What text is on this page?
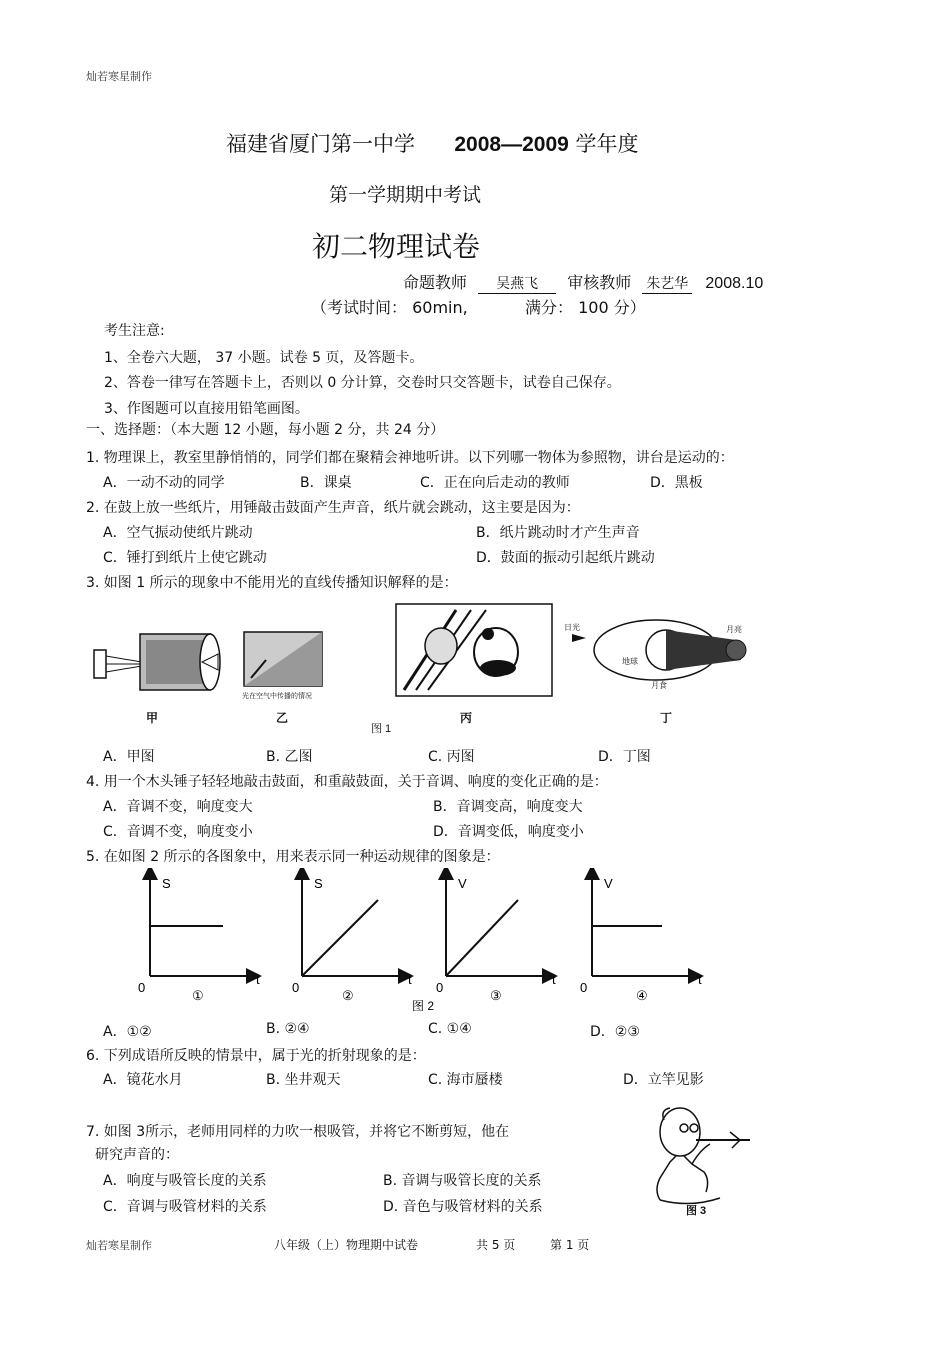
灿若寒星制作
福建省厦门第一中学 2008—2009 学年度
第一学期期中考试
初二物理试卷
命题教师 吴燕飞 审核教师 朱艺华 2008.10
（考试时间： 60min,	满分： 100 分）
考生注意:
1、全卷六大题， 37 小题。试卷 5 页，及答题卡。
2、答卷一律写在答题卡上，否则以 0 分计算，交卷时只交答题卡，试卷自己保存。
3、作图题可以直接用铅笔画图。
一、选择题：（本大题 12 小题，每小题 2 分，共 24 分）
1. 物理课上，教室里静悄悄的，同学们都在聚精会神地听讲。以下列哪一物体为参照物，讲台是运动的：
A．一动不动的同学	B．课桌	C．正在向后走动的教师	D．黑板
2. 在鼓上放一些纸片，用锤敲击鼓面产生声音，纸片就会跳动，这主要是因为：
A．空气振动使纸片跳动	B．纸片跳动时才产生声音
C．锤打到纸片上使它跳动	D．鼓面的振动引起纸片跳动
3. 如图 1 所示的现象中不能用光的直线传播知识解释的是：
光在空气中传播的情况
日光	月亮
地球
月食
甲	乙
图 1
丙	丁
A．甲图	B. 乙图	C. 丙图	D．丁图
4. 用一个木头锤子轻轻地敲击鼓面，和重敲鼓面，关于音调、响度的变化正确的是：
A．音调不变，响度变大	B．音调变高，响度变大
C．音调不变，响度变小	D．音调变低，响度变小
5. 在如图 2 所示的各图象中，用来表示同一种运动规律的图象是：
S
t
0
①
S
t
0
②
V
t
0
③
V
t
0
④
图 2
A．①②	B. ②④	C. ①④	D．②③
6. 下列成语所反映的情景中，属于光的折射现象的是：
A．镜花水月	B. 坐井观天	C. 海市蜃楼	D．立竿见影
7. 如图 3所示，老师用同样的力吹一根吸管，并将它不断剪短，他在
研究声音的：
A．响度与吸管长度的关系	B. 音调与吸管长度的关系
C．音调与吸管材料的关系	D. 音色与吸管材料的关系	图 3
灿若寒星制作	八年级（上）物理期中试卷	共 5 页	第 1 页
